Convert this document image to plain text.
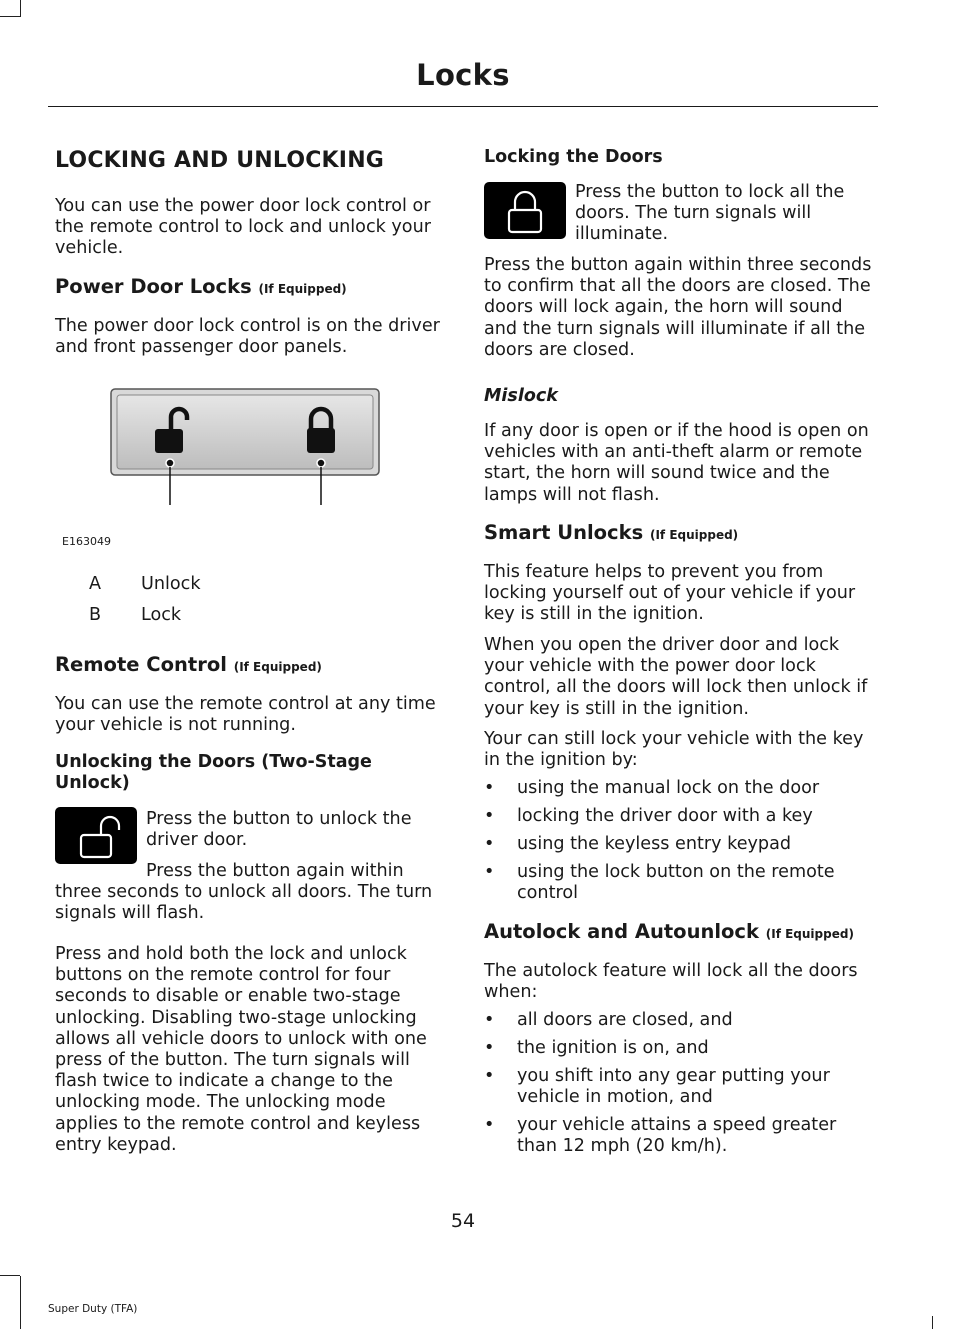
Locks
LOCKING AND UNLOCKING

You can use the power door lock control or the remote control to lock and unlock your vehicle.

Power Door Locks (If Equipped)

The power door lock control is on the driver and front passenger door panels.

E163049
A Unlock
B Lock
Remote Control (If Equipped)

You can use the remote control at any time your vehicle is not running.

Unlocking the Doors (Two-Stage Unlock)

Press the button to unlock the driver door.

Press the button again within three seconds to unlock all doors. The turn signals will flash.

Press and hold both the lock and unlock buttons on the remote control for four seconds to disable or enable two-stage unlocking. Disabling two-stage unlocking allows all vehicle doors to unlock with one press of the button. The turn signals will flash twice to indicate a change to the unlocking mode. The unlocking mode applies to the remote control and keyless entry keypad.

Locking the Doors

Press the button to lock all the doors. The turn signals will illuminate.

Press the button again within three seconds to confirm that all the doors are closed. The doors will lock again, the horn will sound and the turn signals will illuminate if all the doors are closed.

Mislock

If any door is open or if the hood is open on vehicles with an anti-theft alarm or remote start, the horn will sound twice and the lamps will not flash.

Smart Unlocks (If Equipped)

This feature helps to prevent you from locking yourself out of your vehicle if your key is still in the ignition.

When you open the driver door and lock your vehicle with the power door lock control, all the doors will lock then unlock if your key is still in the ignition.

Your can still lock your vehicle with the key in the ignition by:

• using the manual lock on the door
• locking the driver door with a key
• using the keyless entry keypad
• using the lock button on the remote control
Autolock and Autounlock (If Equipped)

The autolock feature will lock all the doors when:

• all doors are closed, and
• the ignition is on, and
• you shift into any gear putting your vehicle in motion, and
• your vehicle attains a speed greater than 12 mph (20 km/h).
54
Super Duty (TFA)
